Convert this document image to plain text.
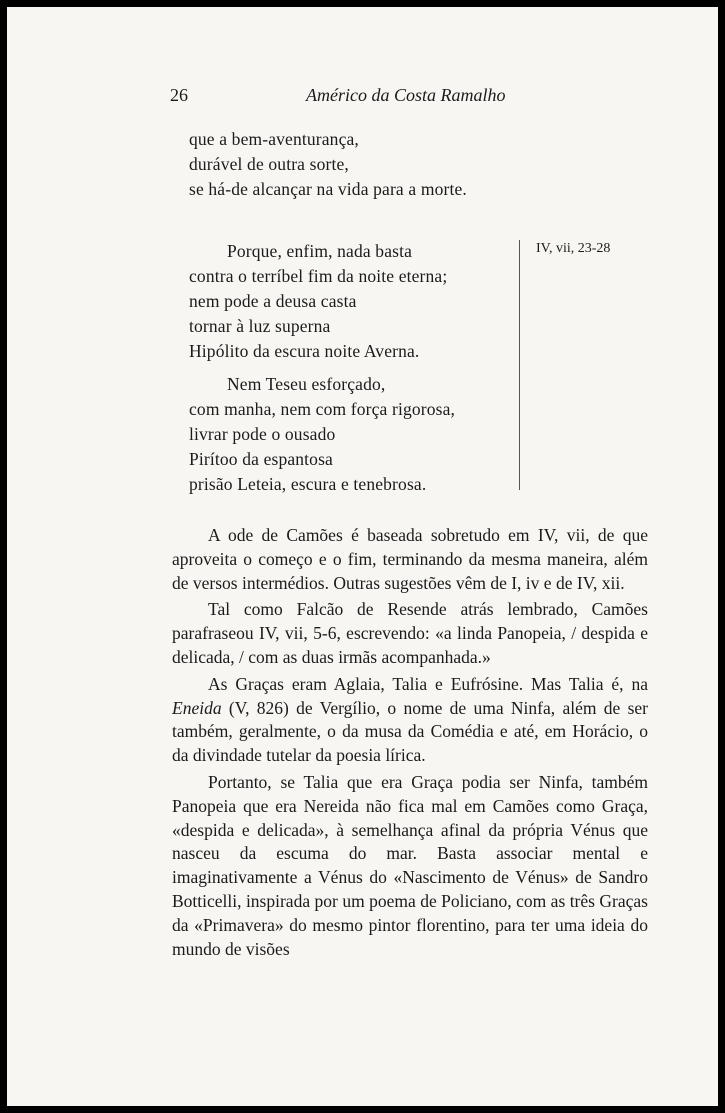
26	Américo da Costa Ramalho
que a bem-aventurança,
durável de outra sorte,
se há-de alcançar na vida para a morte.
Porque, enfim, nada basta
contra o terríbel fim da noite eterna;
nem pode a deusa casta
tornar à luz superna
Hipólito da escura noite Averna.
Nem Teseu esforçado,
com manha, nem com força rigorosa,
livrar pode o ousado
Pirítoo da espantosa
prisão Leteia, escura e tenebrosa.
IV, vii, 23-28

A ode de Camões é baseada sobretudo em IV, vii, de que aproveita o começo e o fim, terminando da mesma maneira, além de versos intermédios. Outras sugestões vêm de I, iv e de IV, xii.

Tal como Falcão de Resende atrás lembrado, Camões parafraseou IV, vii, 5-6, escrevendo: «a linda Panopeia, / despida e delicada, / com as duas irmãs acompanhada.»

As Graças eram Aglaia, Talia e Eufrósine. Mas Talia é, na Eneida (V, 826) de Vergílio, o nome de uma Ninfa, além de ser também, geralmente, o da musa da Comédia e até, em Horácio, o da divindade tutelar da poesia lírica.

Portanto, se Talia que era Graça podia ser Ninfa, também Panopeia que era Nereida não fica mal em Camões como Graça, «despida e delicada», à semelhança afinal da própria Vénus que nasceu da escuma do mar. Basta associar mental e imaginativamente a Vénus do «Nascimento de Vénus» de Sandro Botticelli, inspirada por um poema de Policiano, com as três Graças da «Primavera» do mesmo pintor florentino, para ter uma ideia do mundo de visões
